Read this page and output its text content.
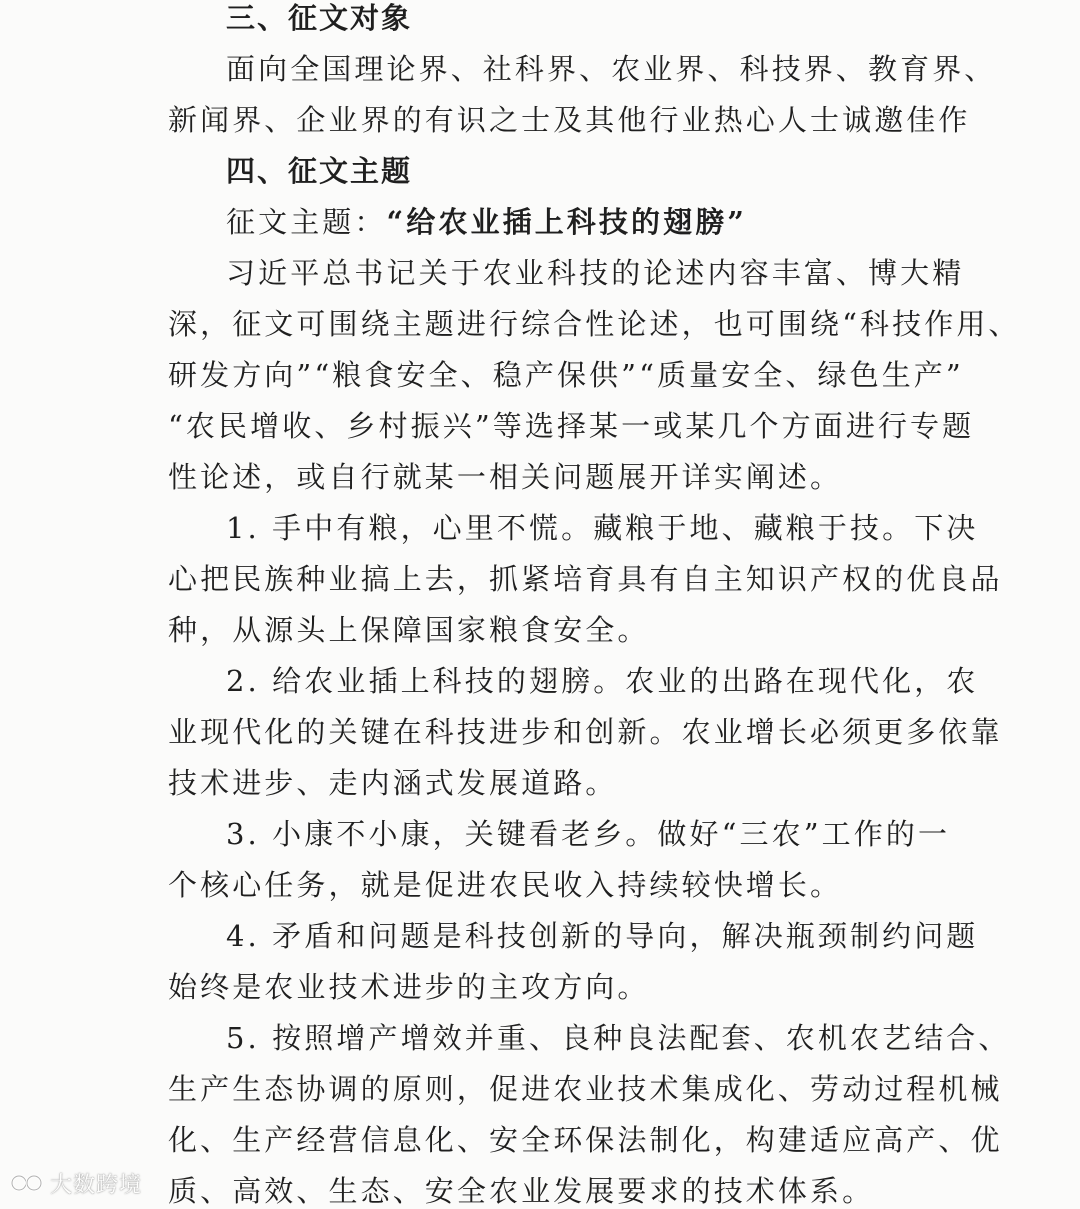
三、征文对象
面向全国理论界、社科界、农业界、科技界、教育界、
新闻界、企业界的有识之士及其他行业热心人士诚邀佳作
四、征文主题
征文主题：“给农业插上科技的翅膀”
习近平总书记关于农业科技的论述内容丰富、博大精
深，征文可围绕主题进行综合性论述，也可围绕“科技作用、
研发方向”“粮食安全、稳产保供”“质量安全、绿色生产”
“农民增收、乡村振兴”等选择某一或某几个方面进行专题
性论述，或自行就某一相关问题展开详实阐述。
1. 手中有粮，心里不慌。藏粮于地、藏粮于技。下决
心把民族种业搞上去，抓紧培育具有自主知识产权的优良品
种，从源头上保障国家粮食安全。
2. 给农业插上科技的翅膀。农业的出路在现代化，农
业现代化的关键在科技进步和创新。农业增长必须更多依靠
技术进步、走内涵式发展道路。
3. 小康不小康，关键看老乡。做好“三农”工作的一
个核心任务，就是促进农民收入持续较快增长。
4. 矛盾和问题是科技创新的导向，解决瓶颈制约问题
始终是农业技术进步的主攻方向。
5. 按照增产增效并重、良种良法配套、农机农艺结合、
生产生态协调的原则，促进农业技术集成化、劳动过程机械
化、生产经营信息化、安全环保法制化，构建适应高产、优
质、高效、生态、安全农业发展要求的技术体系。
大数跨境
